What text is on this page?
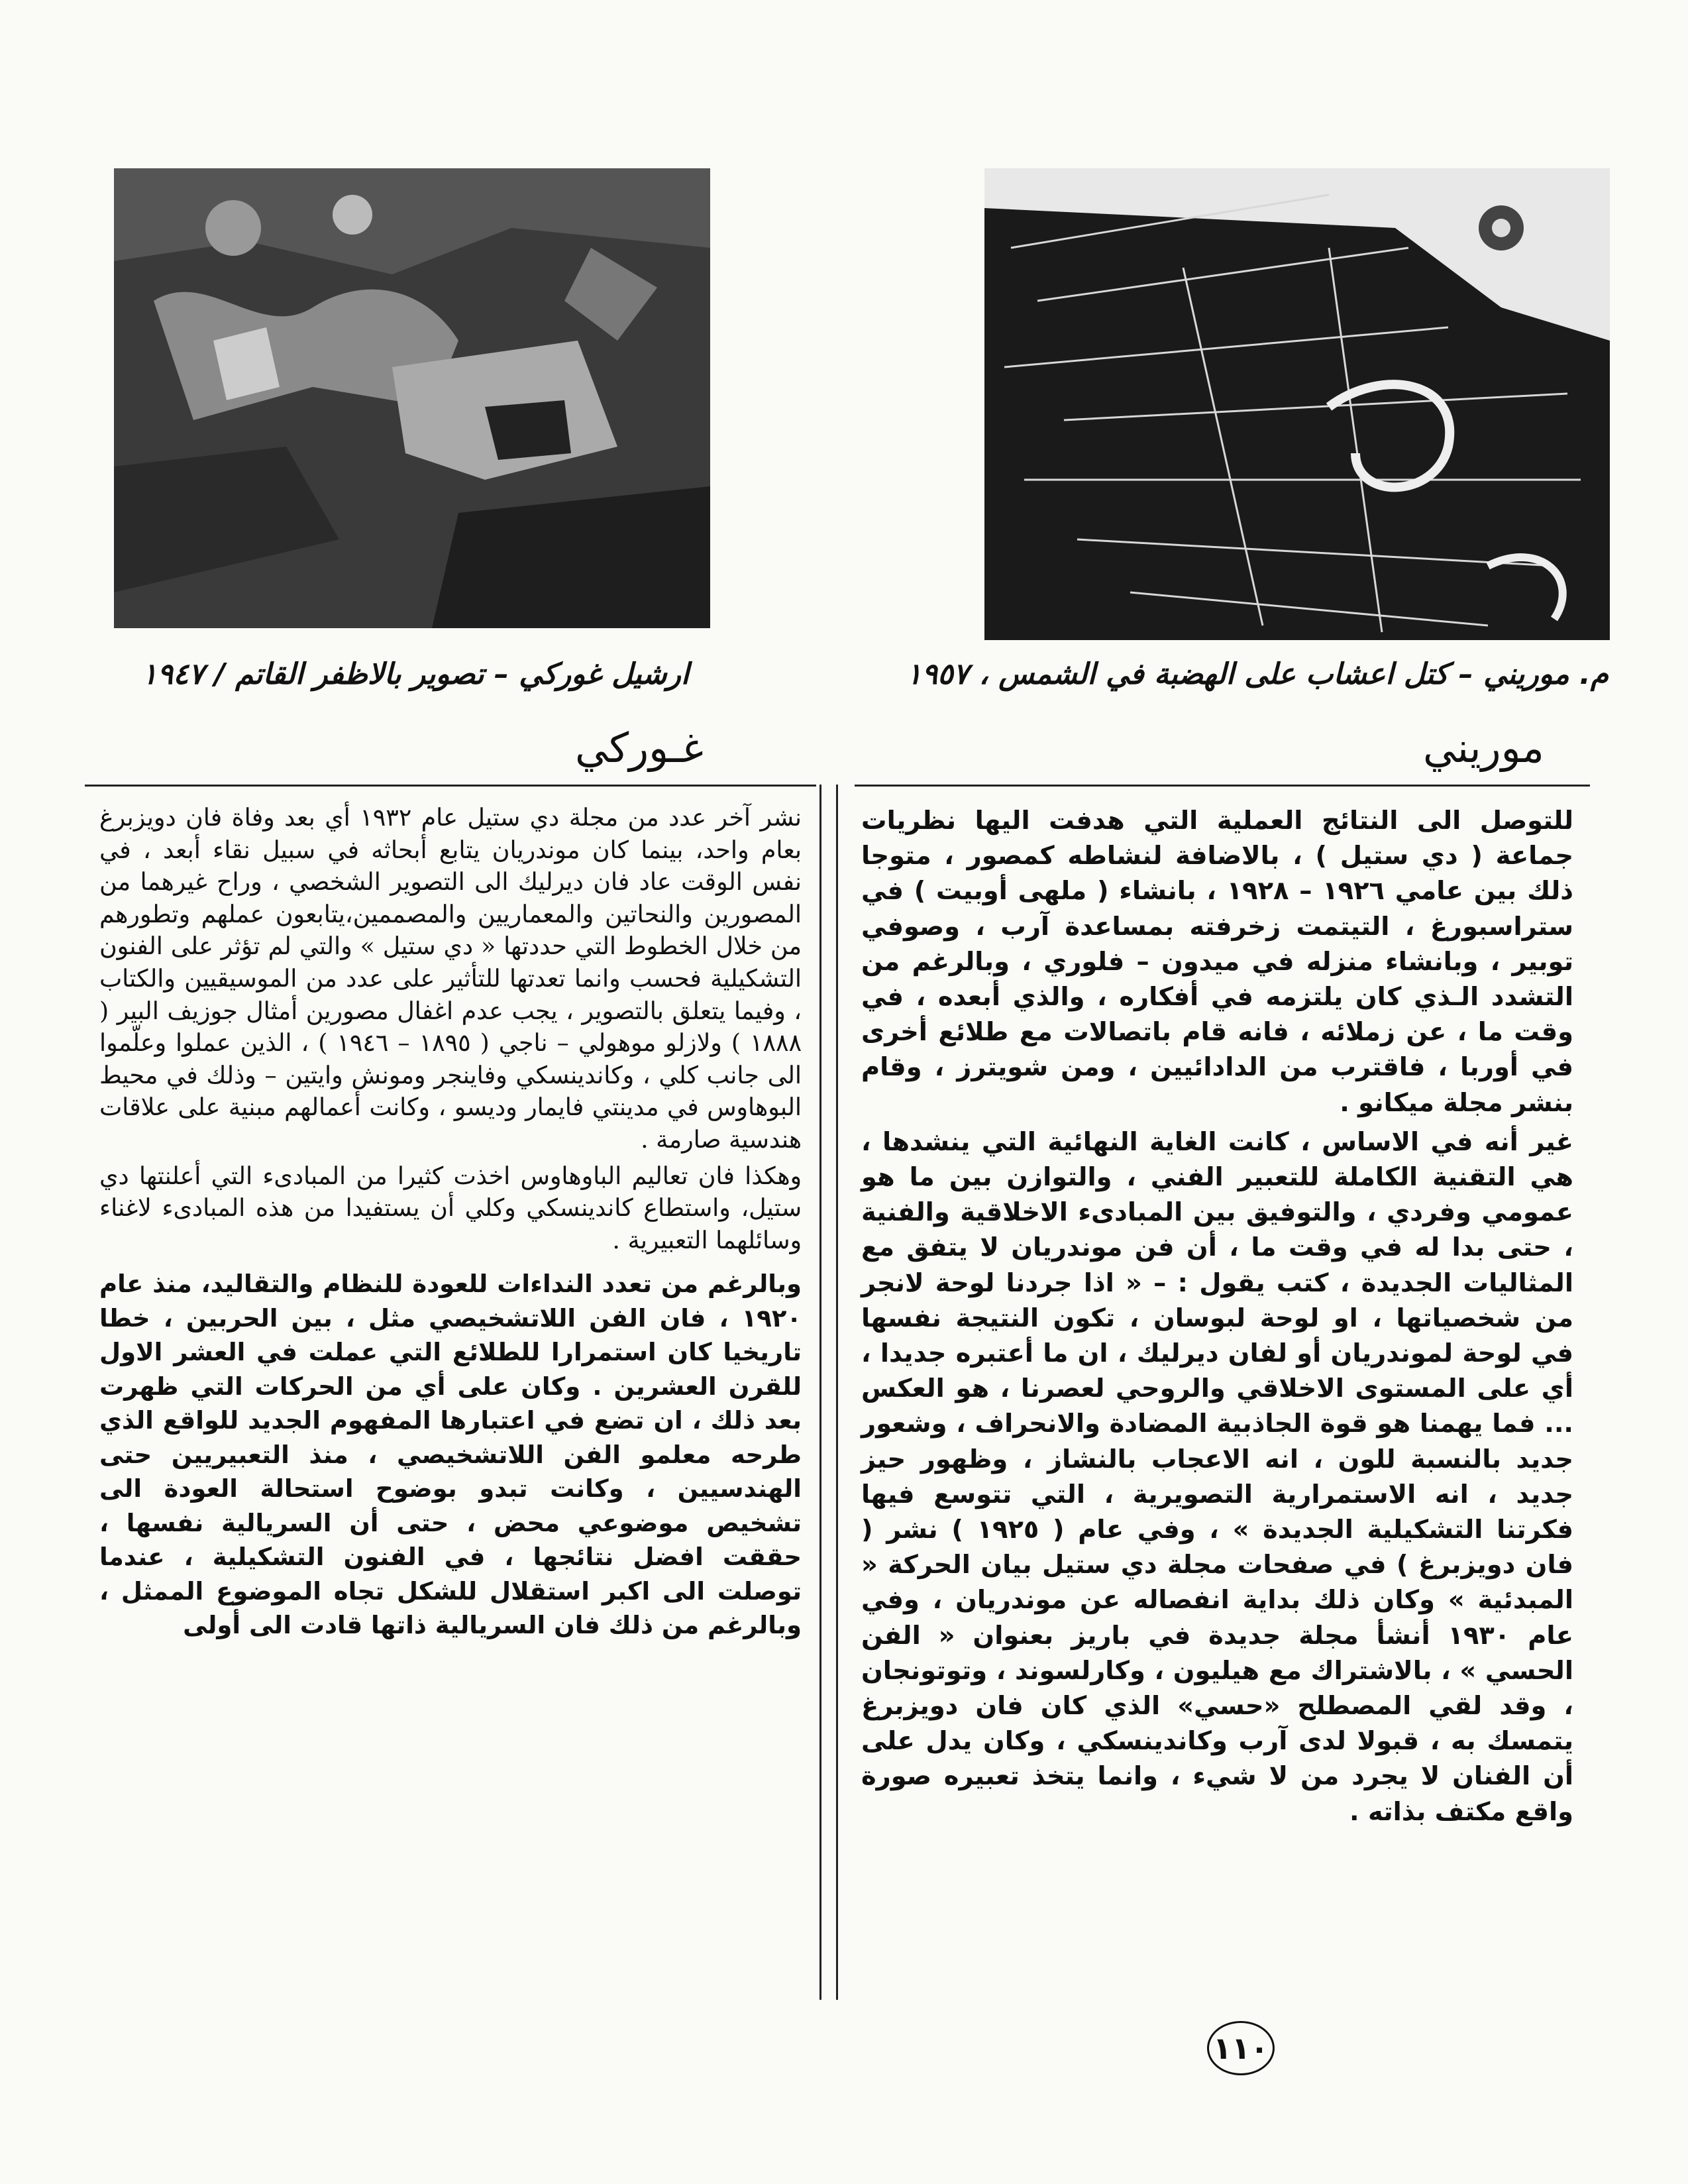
ارشيل غوركي – تصوير بالاظفر القاتم / ١٩٤٧	م. موريني – كتل اعشاب على الهضبة في الشمس ، ١٩٥٧
غـوركي	موريني

نشر آخر عدد من مجلة دي ستيل عام ١٩٣٢ أي بعد وفاة فان دويزبرغ بعام واحد، بينما كان موندريان يتابع أبحاثه في سبيل نقاء أبعد ، في نفس الوقت عاد فان ديرليك الى التصوير الشخصي ، وراح غيرهما من المصورين والنحاتين والمعماريين والمصممين،يتابعون عملهم وتطورهم من خلال الخطوط التي حددتها « دي ستيل » والتي لم تؤثر على الفنون التشكيلية فحسب وانما تعدتها للتأثير على عدد من الموسيقيين والكتاب ، وفيما يتعلق بالتصوير ، يجب عدم اغفال مصورين أمثال جوزيف البير ( ١٨٨٨ ) ولازلو موهولي – ناجي ( ١٨٩٥ – ١٩٤٦ ) ، الذين عملوا وعلّموا الى جانب كلي ، وكاندينسكي وفاينجر ومونش وايتين – وذلك في محيط البوهاوس في مدينتي فايمار وديسو ، وكانت أعمالهم مبنية على علاقات هندسية صارمة .

وهكذا فان تعاليم الباوهاوس اخذت كثيرا من المبادىء التي أعلنتها دي ستيل، واستطاع كاندينسكي وكلي أن يستفيدا من هذه المبادىء لاغناء وسائلهما التعبيرية .

وبالرغم من تعدد النداءات للعودة للنظام والتقاليد، منذ عام ١٩٢٠ ، فان الفن اللاتشخيصي مثل ، بين الحربين ، خطا تاريخيا كان استمرارا للطلائع التي عملت في العشر الاول للقرن العشرين . وكان على أي من الحركات التي ظهرت بعد ذلك ، ان تضع في اعتبارها المفهوم الجديد للواقع الذي طرحه معلمو الفن اللاتشخيصي ، منذ التعبيريين حتى الهندسيين ، وكانت تبدو بوضوح استحالة العودة الى تشخيص موضوعي محض ، حتى أن السريالية نفسها ، حققت افضل نتائجها ، في الفنون التشكيلية ، عندما توصلت الى اكبر استقلال للشكل تجاه الموضوع الممثل ، وبالرغم من ذلك فان السريالية ذاتها قادت الى أولى

للتوصل الى النتائج العملية التي هدفت اليها نظريات جماعة ( دي ستيل ) ، بالاضافة لنشاطه كمصور ، متوجا ذلك بين عامي ١٩٢٦ – ١٩٢٨ ، بانشاء ( ملهى أوبيت ) في ستراسبورغ ، التيتمت زخرفته بمساعدة آرب ، وصوفي توبير ، وبانشاء منزله في ميدون – فلوري ، وبالرغم من التشدد الـذي كان يلتزمه في أفكاره ، والذي أبعده ، في وقت ما ، عن زملائه ، فانه قام باتصالات مع طلائع أخرى في أوربا ، فاقترب من الدادائيين ، ومن شويترز ، وقام بنشر مجلة ميكانو .

غير أنه في الاساس ، كانت الغاية النهائية التي ينشدها ، هي التقنية الكاملة للتعبير الفني ، والتوازن بين ما هو عمومي وفردي ، والتوفيق بين المبادىء الاخلاقية والفنية ، حتى بدا له في وقت ما ، أن فن موندريان لا يتفق مع المثاليات الجديدة ، كتب يقول : – « اذا جردنا لوحة لانجر من شخصياتها ، او لوحة لبوسان ، تكون النتيجة نفسها في لوحة لموندريان أو لفان ديرليك ، ان ما أعتبره جديدا ، أي على المستوى الاخلاقي والروحي لعصرنا ، هو العكس ... فما يهمنا هو قوة الجاذبية المضادة والانحراف ، وشعور جديد بالنسبة للون ، انه الاعجاب بالنشاز ، وظهور حيز جديد ، انه الاستمرارية التصويرية ، التي تتوسع فيها فكرتنا التشكيلية الجديدة » ، وفي عام ( ١٩٢٥ ) نشر ( فان دويزبرغ ) في صفحات مجلة دي ستيل بيان الحركة « المبدئية » وكان ذلك بداية انفصاله عن موندريان ، وفي عام ١٩٣٠ أنشأ مجلة جديدة في باريز بعنوان « الفن الحسي » ، بالاشتراك مع هيليون ، وكارلسوند ، وتوتونجان ، وقد لقي المصطلح «حسي» الذي كان فان دويزبرغ يتمسك به ، قبولا لدى آرب وكاندينسكي ، وكان يدل على أن الفنان لا يجرد من لا شيء ، وانما يتخذ تعبيره صورة واقع مكتف بذاته .

١١٠
